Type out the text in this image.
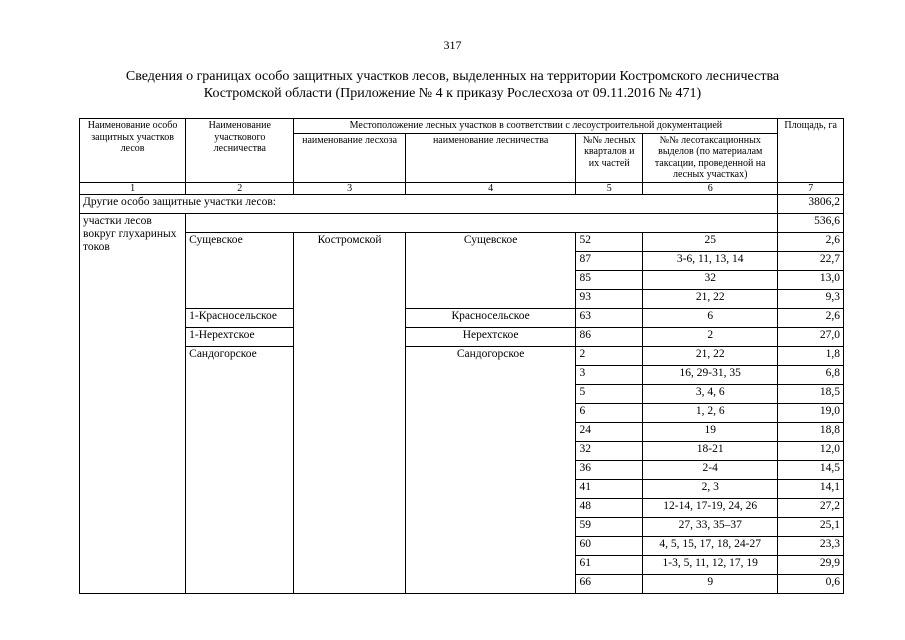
317
Сведения о границах особо защитных участков лесов, выделенных на территории Костромского лесничества
Костромской области (Приложение № 4 к приказу Рослесхоза от 09.11.2016 № 471)
Наименование особо защитных участков лесов	Наименование участкового лесничества	Местоположение лесных участков в соответствии с лесоустроительной документацией				Площадь, га
		наименование лесхоза	наименование лесничества	№№ лесных кварталов и их частей	№№ лесотаксационных выделов (по материалам таксации, проведенной на лесных участках)	
1	2	3	4	5	6	7
Другие особо защитные участки лесов:						3806,2
участки лесов вокруг глухариных токов						536,6
	Сущевское	Костромской	Сущевское	52	25	2,6
				87	3-6, 11, 13, 14	22,7
				85	32	13,0
				93	21, 22	9,3
	1-Красносельское		Красносельское	63	6	2,6
	1-Нерехтское		Нерехтское	86	2	27,0
	Сандогорское		Сандогорское	2	21, 22	1,8
				3	16, 29-31, 35	6,8
				5	3, 4, 6	18,5
				6	1, 2, 6	19,0
				24	19	18,8
				32	18-21	12,0
				36	2-4	14,5
				41	2, 3	14,1
				48	12-14, 17-19, 24, 26	27,2
				59	27, 33, 35–37	25,1
				60	4, 5, 15, 17, 18, 24-27	23,3
				61	1-3, 5, 11, 12, 17, 19	29,9
				66	9	0,6
